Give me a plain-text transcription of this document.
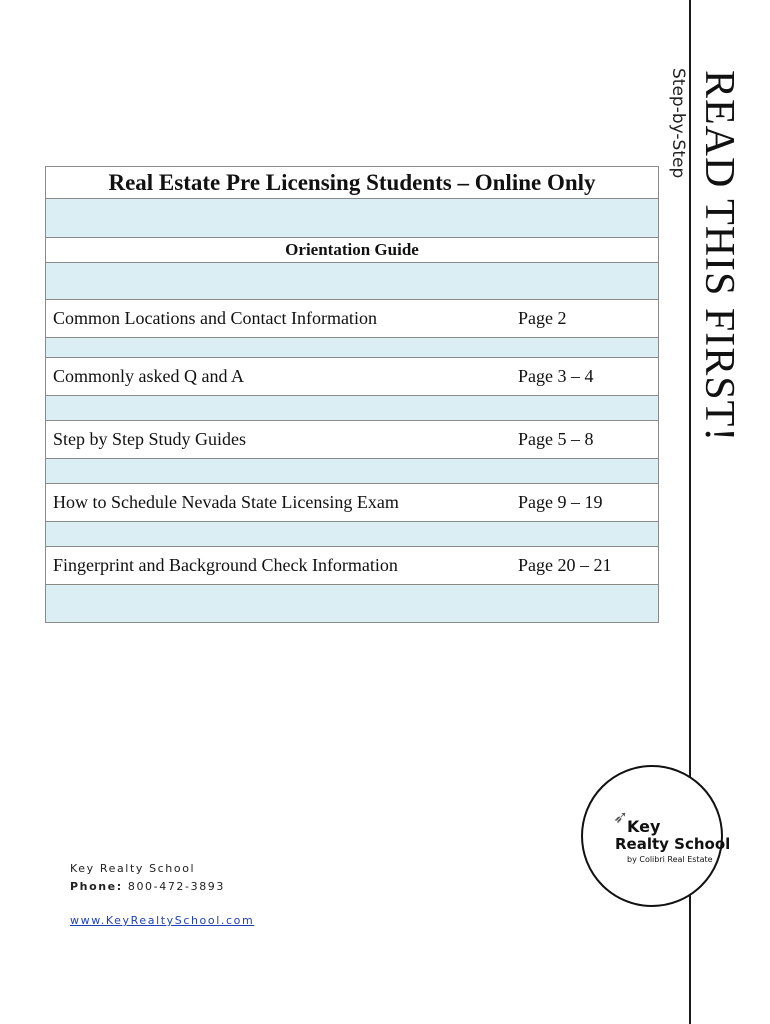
READ THIS FIRST!
Step-by-Step
Real Estate Pre Licensing Students – Online Only

Orientation Guide

Common Locations and Contact Information	Page 2

Commonly asked Q and A	Page 3 – 4

Step by Step Study Guides	Page 5 – 8

How to Schedule Nevada State Licensing Exam	Page 9 – 19

Fingerprint and Background Check Information	Page 20 – 21

Key Realty School
Phone: 800-472-3893
www.KeyRealtySchool.com
➶
Key
Realty School
by Colibri Real Estate
